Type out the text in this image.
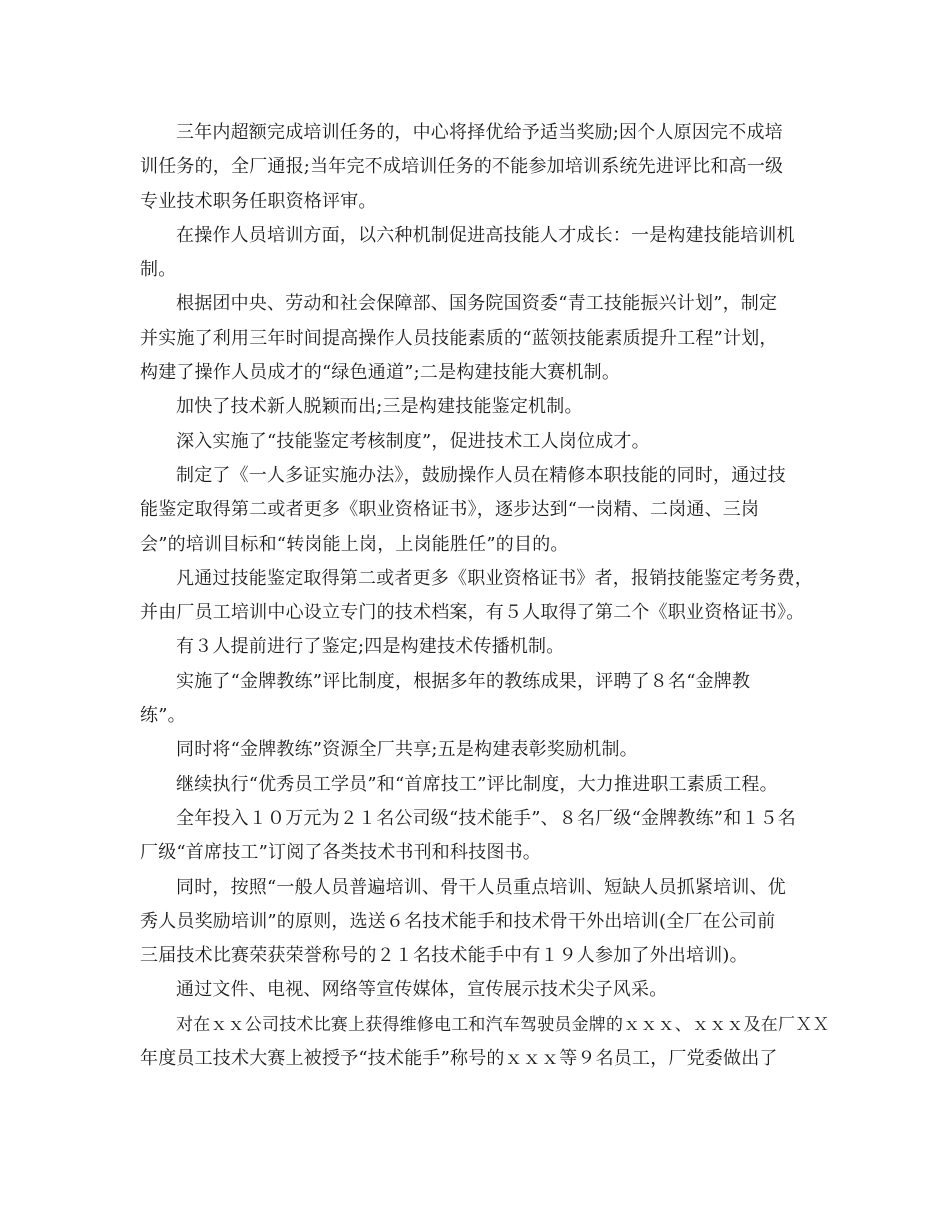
三年内超额完成培训任务的，中心将择优给予适当奖励;因个人原因完不成培
训任务的，全厂通报;当年完不成培训任务的不能参加培训系统先进评比和高一级
专业技术职务任职资格评审。
在操作人员培训方面，以六种机制促进高技能人才成长：一是构建技能培训机
制。
根据团中央、劳动和社会保障部、国务院国资委“青工技能振兴计划”，制定
并实施了利用三年时间提高操作人员技能素质的“蓝领技能素质提升工程”计划，
构建了操作人员成才的“绿色通道”;二是构建技能大赛机制。
加快了技术新人脱颖而出;三是构建技能鉴定机制。
深入实施了“技能鉴定考核制度”，促进技术工人岗位成才。
制定了《一人多证实施办法》，鼓励操作人员在精修本职技能的同时，通过技
能鉴定取得第二或者更多《职业资格证书》，逐步达到“一岗精、二岗通、三岗
会”的培训目标和“转岗能上岗，上岗能胜任”的目的。
凡通过技能鉴定取得第二或者更多《职业资格证书》者，报销技能鉴定考务费，
并由厂员工培训中心设立专门的技术档案，有５人取得了第二个《职业资格证书》。
有３人提前进行了鉴定;四是构建技术传播机制。
实施了“金牌教练”评比制度，根据多年的教练成果，评聘了８名“金牌教
练”。
同时将“金牌教练”资源全厂共享;五是构建表彰奖励机制。
继续执行“优秀员工学员”和“首席技工”评比制度，大力推进职工素质工程。
全年投入１０万元为２１名公司级“技术能手”、８名厂级“金牌教练”和１５名
厂级“首席技工”订阅了各类技术书刊和科技图书。
同时，按照“一般人员普遍培训、骨干人员重点培训、短缺人员抓紧培训、优
秀人员奖励培训”的原则，选送６名技术能手和技术骨干外出培训(全厂在公司前
三届技术比赛荣获荣誉称号的２１名技术能手中有１９人参加了外出培训)。
通过文件、电视、网络等宣传媒体，宣传展示技术尖子风采。
对在ｘｘ公司技术比赛上获得维修电工和汽车驾驶员金牌的ｘｘｘ、ｘｘｘ及在厂ＸＸ
年度员工技术大赛上被授予“技术能手”称号的ｘｘｘ等９名员工，厂党委做出了
